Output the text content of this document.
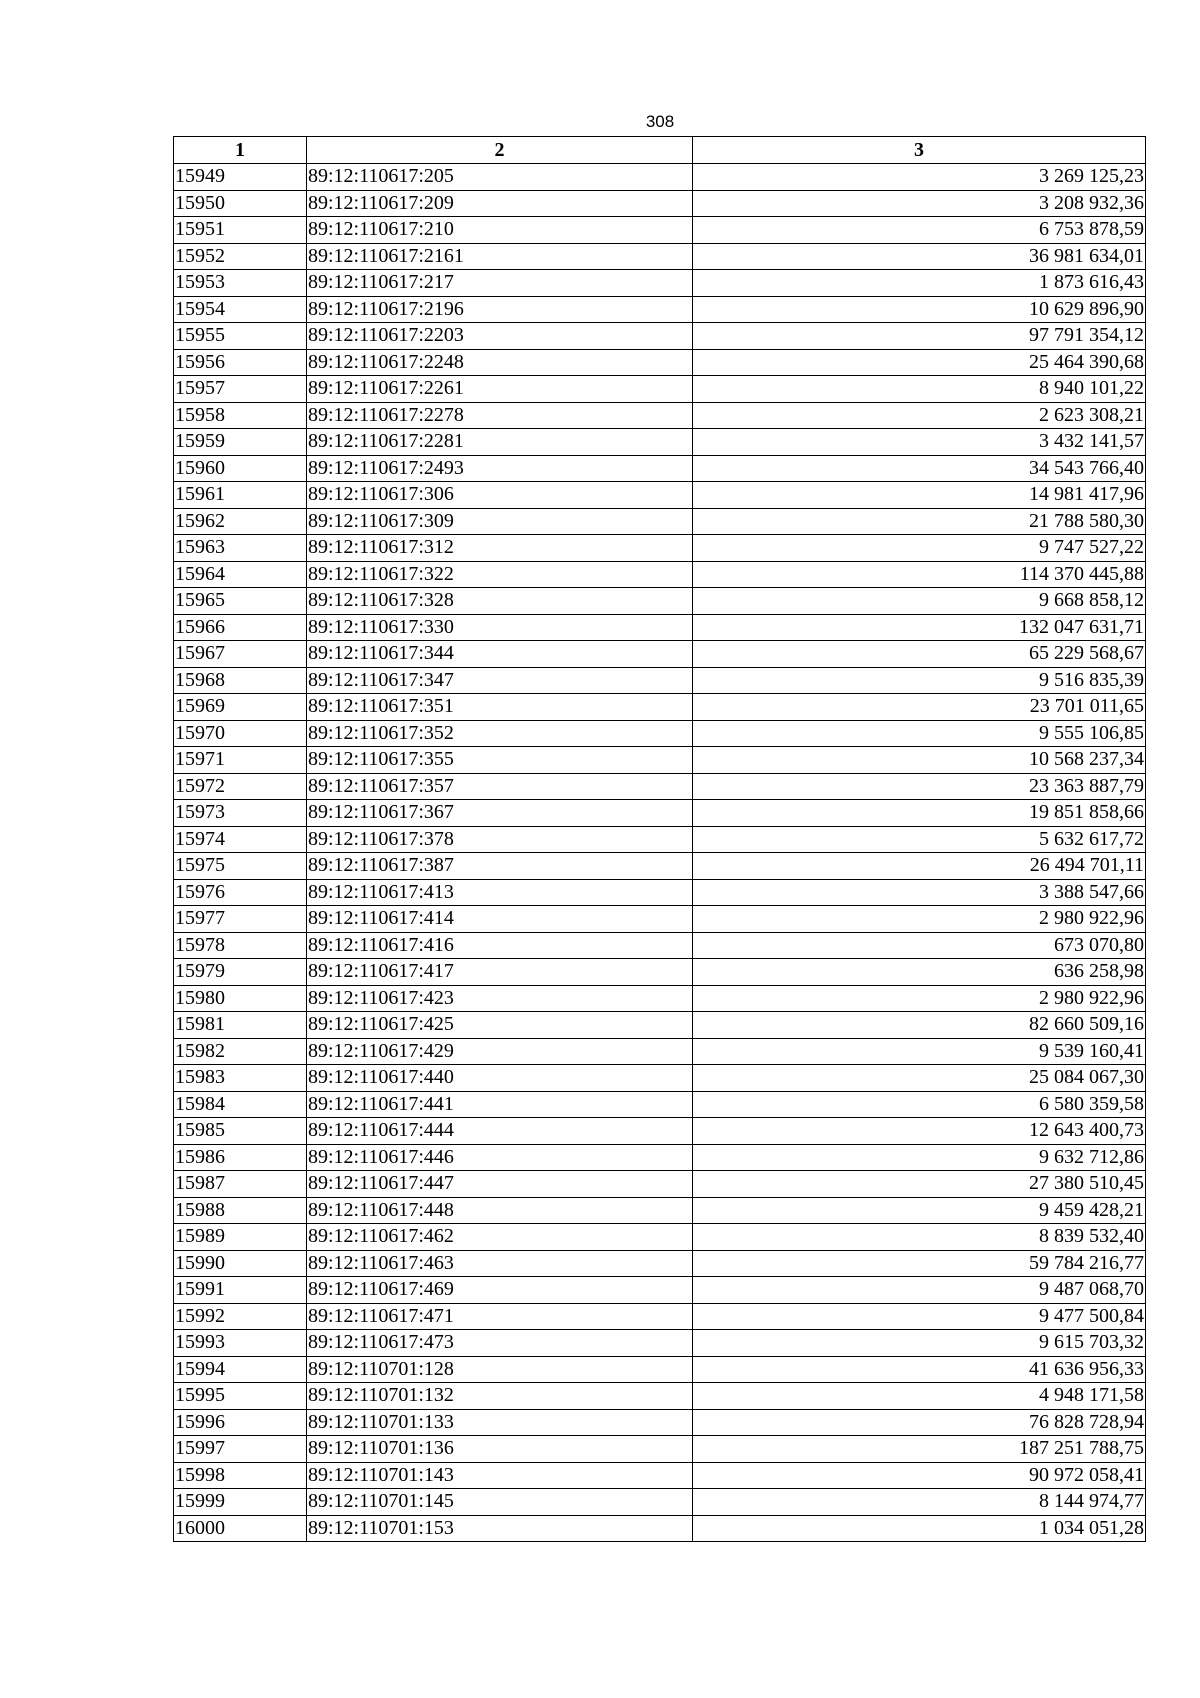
308
1	2	3
15949	89:12:110617:205	3 269 125,23
15950	89:12:110617:209	3 208 932,36
15951	89:12:110617:210	6 753 878,59
15952	89:12:110617:2161	36 981 634,01
15953	89:12:110617:217	1 873 616,43
15954	89:12:110617:2196	10 629 896,90
15955	89:12:110617:2203	97 791 354,12
15956	89:12:110617:2248	25 464 390,68
15957	89:12:110617:2261	8 940 101,22
15958	89:12:110617:2278	2 623 308,21
15959	89:12:110617:2281	3 432 141,57
15960	89:12:110617:2493	34 543 766,40
15961	89:12:110617:306	14 981 417,96
15962	89:12:110617:309	21 788 580,30
15963	89:12:110617:312	9 747 527,22
15964	89:12:110617:322	114 370 445,88
15965	89:12:110617:328	9 668 858,12
15966	89:12:110617:330	132 047 631,71
15967	89:12:110617:344	65 229 568,67
15968	89:12:110617:347	9 516 835,39
15969	89:12:110617:351	23 701 011,65
15970	89:12:110617:352	9 555 106,85
15971	89:12:110617:355	10 568 237,34
15972	89:12:110617:357	23 363 887,79
15973	89:12:110617:367	19 851 858,66
15974	89:12:110617:378	5 632 617,72
15975	89:12:110617:387	26 494 701,11
15976	89:12:110617:413	3 388 547,66
15977	89:12:110617:414	2 980 922,96
15978	89:12:110617:416	673 070,80
15979	89:12:110617:417	636 258,98
15980	89:12:110617:423	2 980 922,96
15981	89:12:110617:425	82 660 509,16
15982	89:12:110617:429	9 539 160,41
15983	89:12:110617:440	25 084 067,30
15984	89:12:110617:441	6 580 359,58
15985	89:12:110617:444	12 643 400,73
15986	89:12:110617:446	9 632 712,86
15987	89:12:110617:447	27 380 510,45
15988	89:12:110617:448	9 459 428,21
15989	89:12:110617:462	8 839 532,40
15990	89:12:110617:463	59 784 216,77
15991	89:12:110617:469	9 487 068,70
15992	89:12:110617:471	9 477 500,84
15993	89:12:110617:473	9 615 703,32
15994	89:12:110701:128	41 636 956,33
15995	89:12:110701:132	4 948 171,58
15996	89:12:110701:133	76 828 728,94
15997	89:12:110701:136	187 251 788,75
15998	89:12:110701:143	90 972 058,41
15999	89:12:110701:145	8 144 974,77
16000	89:12:110701:153	1 034 051,28
